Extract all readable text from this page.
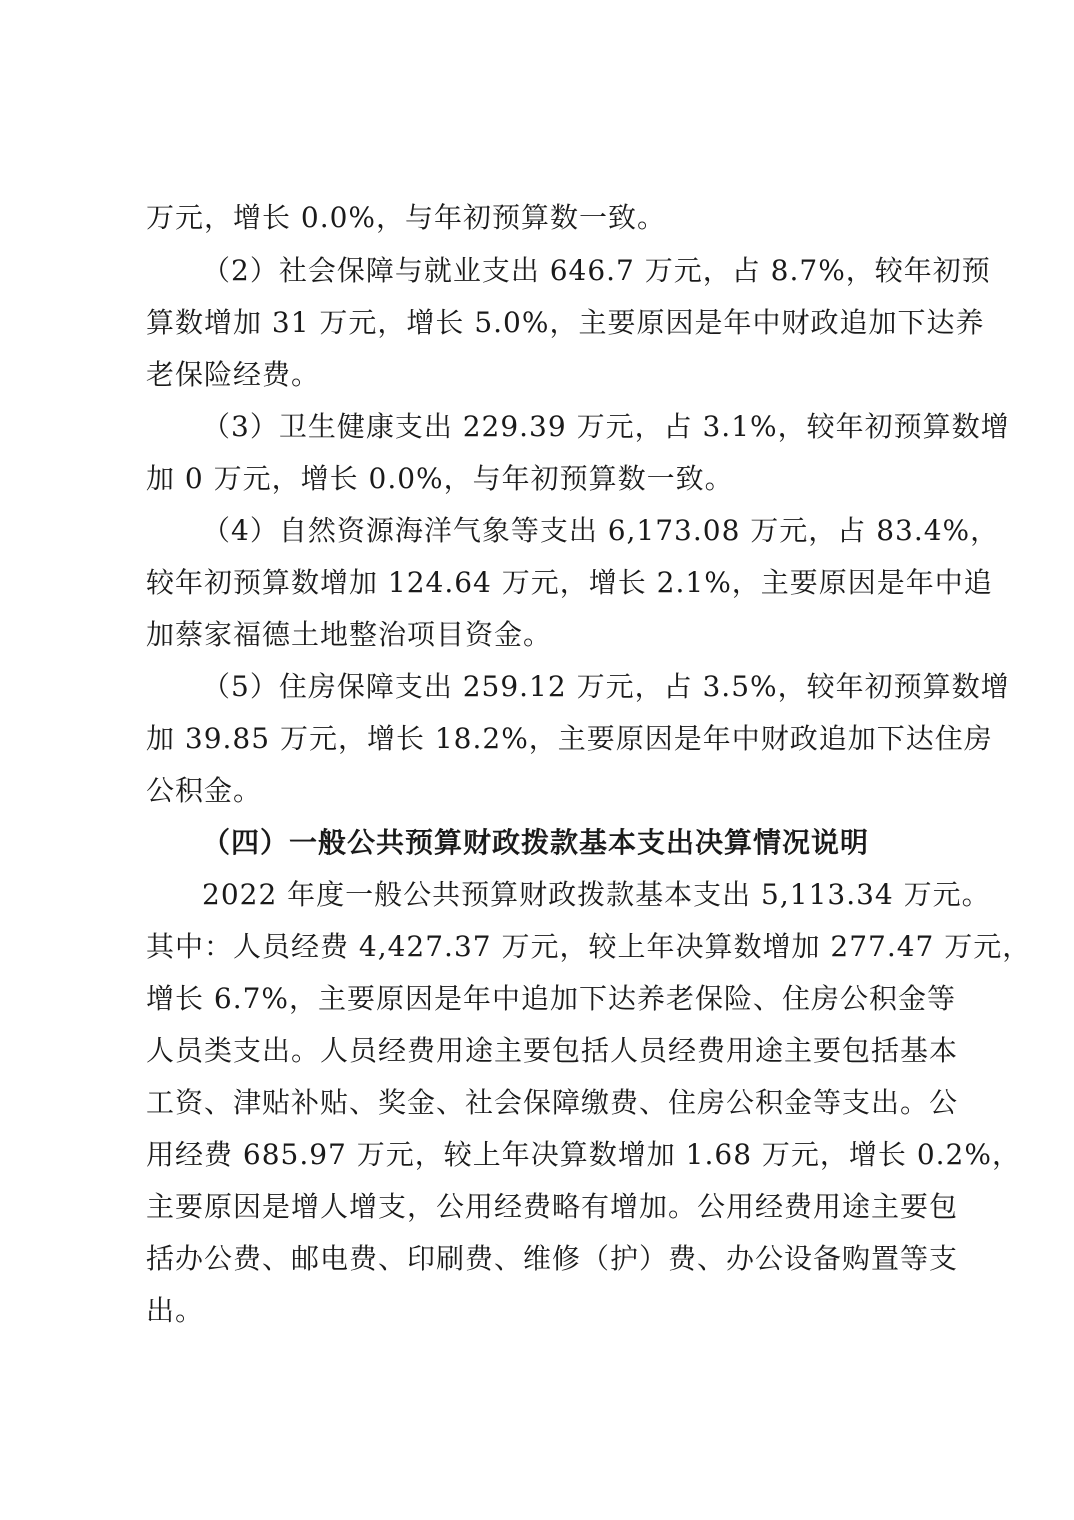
万元，增长 0.0%，与年初预算数一致。
（2）社会保障与就业支出 646.7 万元，占 8.7%，较年初预
算数增加 31 万元，增长 5.0%，主要原因是年中财政追加下达养
老保险经费。
（3）卫生健康支出 229.39 万元，占 3.1%，较年初预算数增
加 0 万元，增长 0.0%，与年初预算数一致。
（4）自然资源海洋气象等支出 6,173.08 万元，占 83.4%，
较年初预算数增加 124.64 万元，增长 2.1%，主要原因是年中追
加蔡家福德土地整治项目资金。
（5）住房保障支出 259.12 万元，占 3.5%，较年初预算数增
加 39.85 万元，增长 18.2%，主要原因是年中财政追加下达住房
公积金。
（四）一般公共预算财政拨款基本支出决算情况说明
2022 年度一般公共预算财政拨款基本支出 5,113.34 万元。
其中：人员经费 4,427.37 万元，较上年决算数增加 277.47 万元，
增长 6.7%，主要原因是年中追加下达养老保险、住房公积金等
人员类支出。人员经费用途主要包括人员经费用途主要包括基本
工资、津贴补贴、奖金、社会保障缴费、住房公积金等支出。公
用经费 685.97 万元，较上年决算数增加 1.68 万元，增长 0.2%，
主要原因是增人增支，公用经费略有增加。公用经费用途主要包
括办公费、邮电费、印刷费、维修（护）费、办公设备购置等支
出。
